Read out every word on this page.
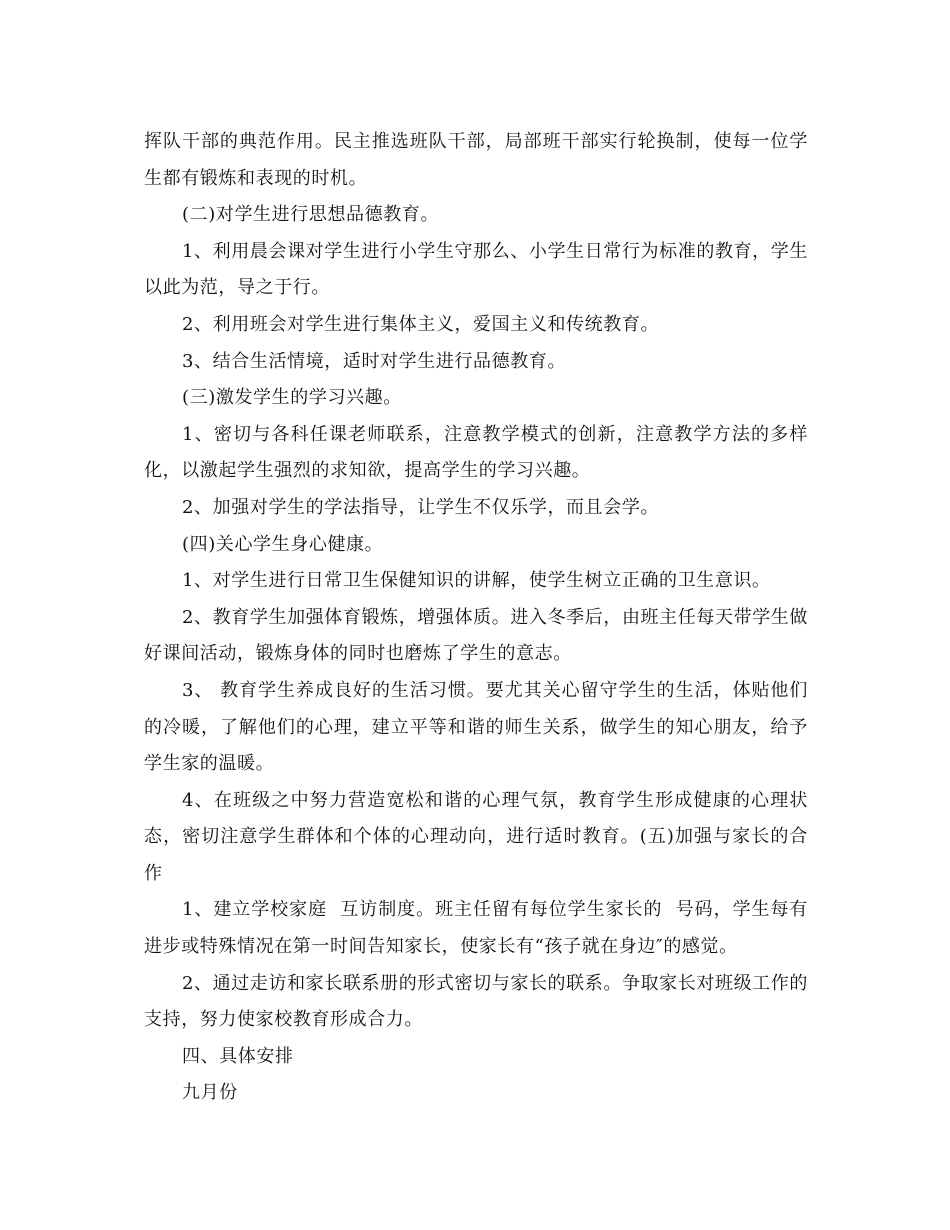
挥队干部的典范作用。民主推选班队干部，局部班干部实行轮换制，使每一位学生都有锻炼和表现的时机。

(二)对学生进行思想品德教育。

1、利用晨会课对学生进行小学生守那么、小学生日常行为标准的教育，学生以此为范，导之于行。

2、利用班会对学生进行集体主义，爱国主义和传统教育。

3、结合生活情境，适时对学生进行品德教育。

(三)激发学生的学习兴趣。

1、密切与各科任课老师联系，注意教学模式的创新，注意教学方法的多样化，以激起学生强烈的求知欲，提高学生的学习兴趣。

2、加强对学生的学法指导，让学生不仅乐学，而且会学。

(四)关心学生身心健康。

1、对学生进行日常卫生保健知识的讲解，使学生树立正确的卫生意识。

2、教育学生加强体育锻炼，增强体质。进入冬季后，由班主任每天带学生做好课间活动，锻炼身体的同时也磨炼了学生的意志。

3、 教育学生养成良好的生活习惯。要尤其关心留守学生的生活，体贴他们的冷暖，了解他们的心理，建立平等和谐的师生关系，做学生的知心朋友，给予学生家的温暖。

4、在班级之中努力营造宽松和谐的心理气氛，教育学生形成健康的心理状态，密切注意学生群体和个体的心理动向，进行适时教育。(五)加强与家长的合作

1、建立学校家庭  互访制度。班主任留有每位学生家长的  号码，学生每有进步或特殊情况在第一时间告知家长，使家长有“孩子就在身边″的感觉。

2、通过走访和家长联系册的形式密切与家长的联系。争取家长对班级工作的支持，努力使家校教育形成合力。

四、具体安排

九月份
